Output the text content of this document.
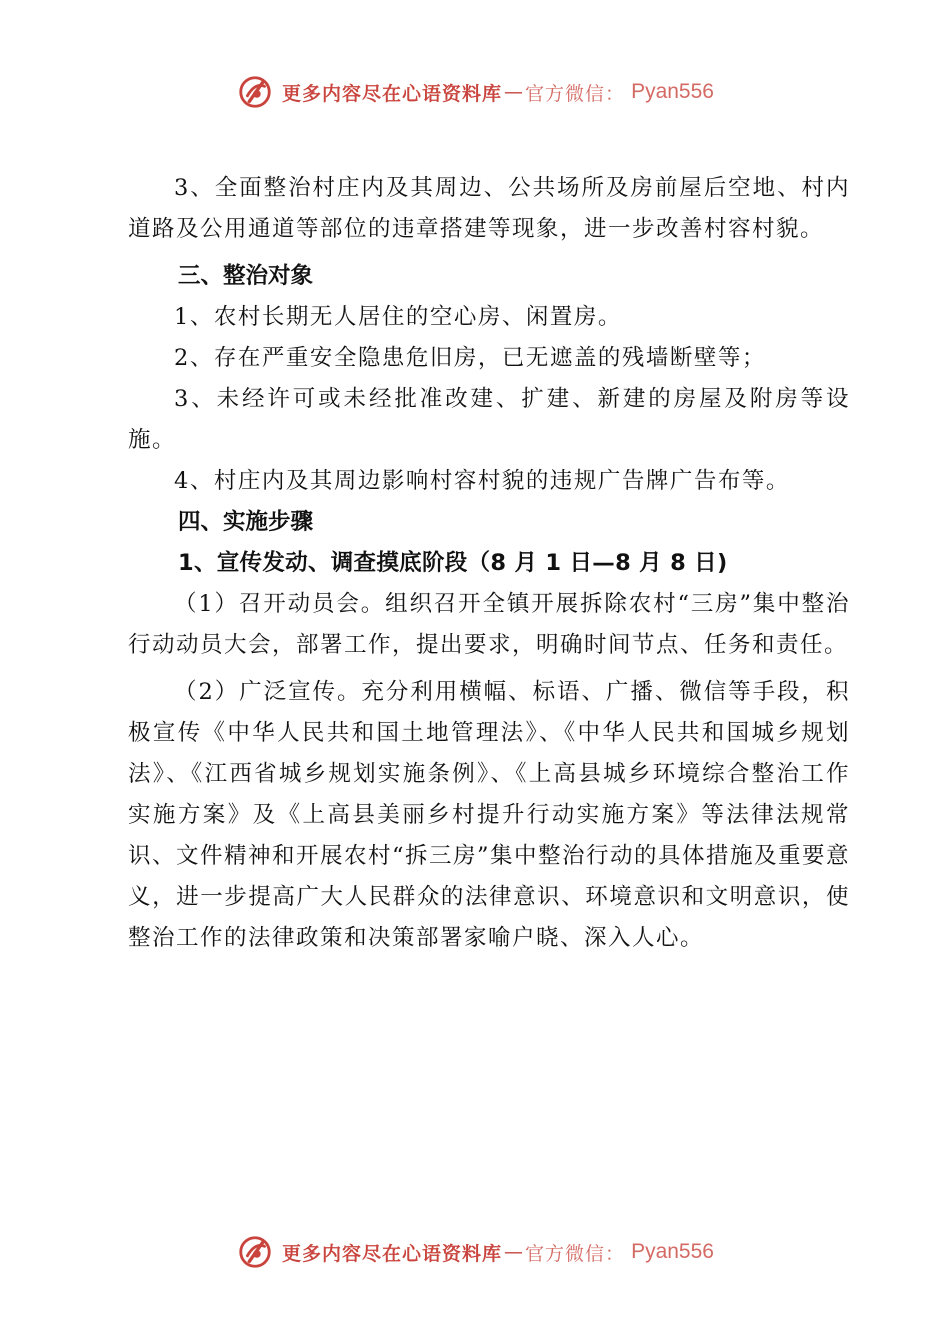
更多内容尽在心语资料库 — 官方微信： Pyan556

3、全面整治村庄内及其周边、公共场所及房前屋后空地、村内道路及公用通道等部位的违章搭建等现象，进一步改善村容村貌。

三、整治对象

1、农村长期无人居住的空心房、闲置房。

2、存在严重安全隐患危旧房，已无遮盖的残墙断壁等；

3、未经许可或未经批准改建、扩建、新建的房屋及附房等设施。

4、村庄内及其周边影响村容村貌的违规广告牌广告布等。

四、实施步骤

1、宣传发动、调查摸底阶段（8 月 1 日—8 月 8 日)

（1）召开动员会。组织召开全镇开展拆除农村“三房”集中整治行动动员大会，部署工作，提出要求，明确时间节点、任务和责任。

（2）广泛宣传。充分利用横幅、标语、广播、微信等手段，积极宣传《中华人民共和国土地管理法》、《中华人民共和国城乡规划法》、《江西省城乡规划实施条例》、《上高县城乡环境综合整治工作实施方案》及《上高县美丽乡村提升行动实施方案》等法律法规常识、文件精神和开展农村“拆三房”集中整治行动的具体措施及重要意义，进一步提高广大人民群众的法律意识、环境意识和文明意识，使整治工作的法律政策和决策部署家喻户晓、深入人心。

更多内容尽在心语资料库 — 官方微信： Pyan556
